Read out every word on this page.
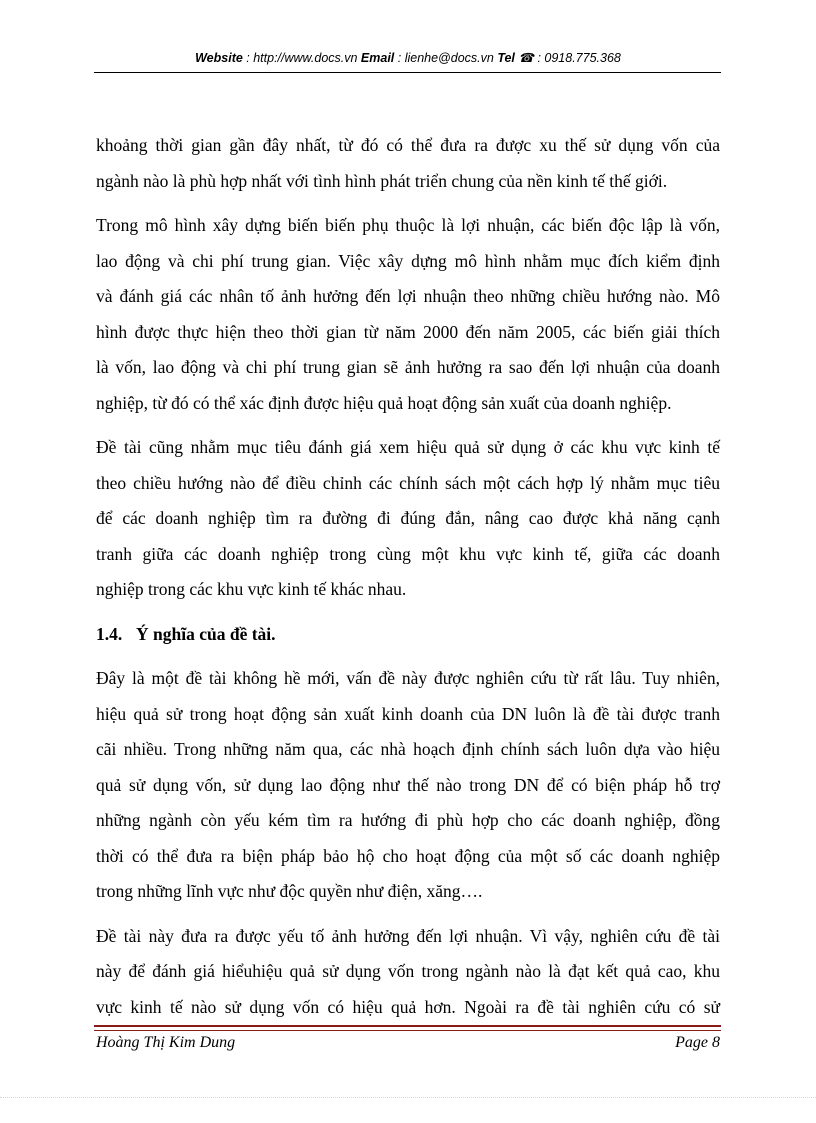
Website : http://www.docs.vn Email : lienhe@docs.vn Tel ☎ : 0918.775.368

khoảng thời gian gần đây nhất, từ đó có thể đưa ra được xu thế sử dụng vốn của
ngành nào là phù hợp nhất với tình hình phát triển chung của nền kinh tế thế giới.

Trong mô hình xây dựng biến biến phụ thuộc là lợi nhuận, các biến độc lập là vốn,
lao động và chi phí trung gian. Việc xây dựng mô hình nhằm mục đích kiểm định
và đánh giá các nhân tố ảnh hưởng đến lợi nhuận theo những chiều hướng nào. Mô
hình được thực hiện theo thời gian từ năm 2000 đến năm 2005, các biến giải thích
là vốn, lao động và chi phí trung gian sẽ ảnh hưởng ra sao đến lợi nhuận của doanh
nghiệp, từ đó có thể xác định được hiệu quả hoạt động sản xuất của doanh nghiệp.

Đề tài cũng nhằm mục tiêu đánh giá xem hiệu quả sử dụng ở các khu vực kinh tế
theo chiều hướng nào để điều chỉnh các chính sách một cách hợp lý nhằm mục tiêu
để các doanh nghiệp tìm ra đường đi đúng đắn, nâng cao được khả năng cạnh
tranh giữa các doanh nghiệp trong cùng một khu vực kinh tế, giữa các doanh
nghiệp trong các khu vực kinh tế khác nhau.

1.4. Ý nghĩa của đề tài.

Đây là một đề tài không hề mới, vấn đề này được nghiên cứu từ rất lâu. Tuy nhiên,
hiệu quả sử trong hoạt động sản xuất kinh doanh của DN luôn là đề tài được tranh
cãi nhiều. Trong những năm qua, các nhà hoạch định chính sách luôn dựa vào hiệu
quả sử dụng vốn, sử dụng lao động như thế nào trong DN để có biện pháp hỗ trợ
những ngành còn yếu kém tìm ra hướng đi phù hợp cho các doanh nghiệp, đồng
thời có thể đưa ra biện pháp bảo hộ cho hoạt động của một số các doanh nghiệp
trong những lĩnh vực như độc quyền như điện, xăng….

Đề tài này đưa ra được yếu tố ảnh hưởng đến lợi nhuận. Vì vậy, nghiên cứu đề tài
này để đánh giá hiểuhiệu quả sử dụng vốn trong ngành nào là đạt kết quả cao, khu
vực kinh tế nào sử dụng vốn có hiệu quả hơn. Ngoài ra đề tài nghiên cứu có sử

Hoàng Thị Kim Dung	Page 8
